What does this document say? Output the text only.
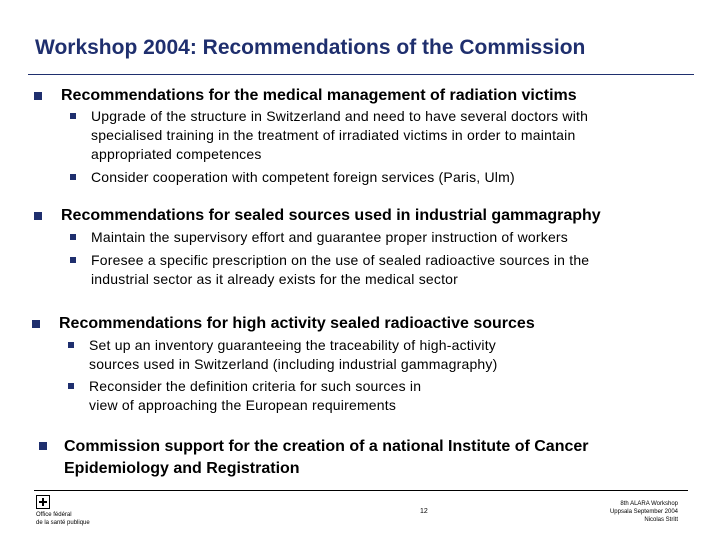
Workshop 2004: Recommendations of the Commission
Recommendations for the medical management of radiation victims
Upgrade of the structure in Switzerland and need to have several doctors with
specialised training in the treatment of irradiated victims in order to maintain
appropriated competences
Consider cooperation with competent foreign services (Paris, Ulm)
Recommendations for sealed sources used in industrial gammagraphy
Maintain the supervisory effort and guarantee proper instruction of workers
Foresee a specific prescription on the use of sealed radioactive sources in the
industrial sector as it already exists for the medical sector
Recommendations for high activity sealed radioactive sources
Set up an inventory guaranteeing the traceability of high-activity
sources used in Switzerland (including industrial gammagraphy)
Reconsider the definition criteria for such sources in
view of approaching the European requirements
Commission support for the creation of a national Institute of Cancer
Epidemiology and Registration
Office fédéral
de la santé publique
12
8th ALARA Workshop
Uppsala September 2004
Nicolas Stritt
